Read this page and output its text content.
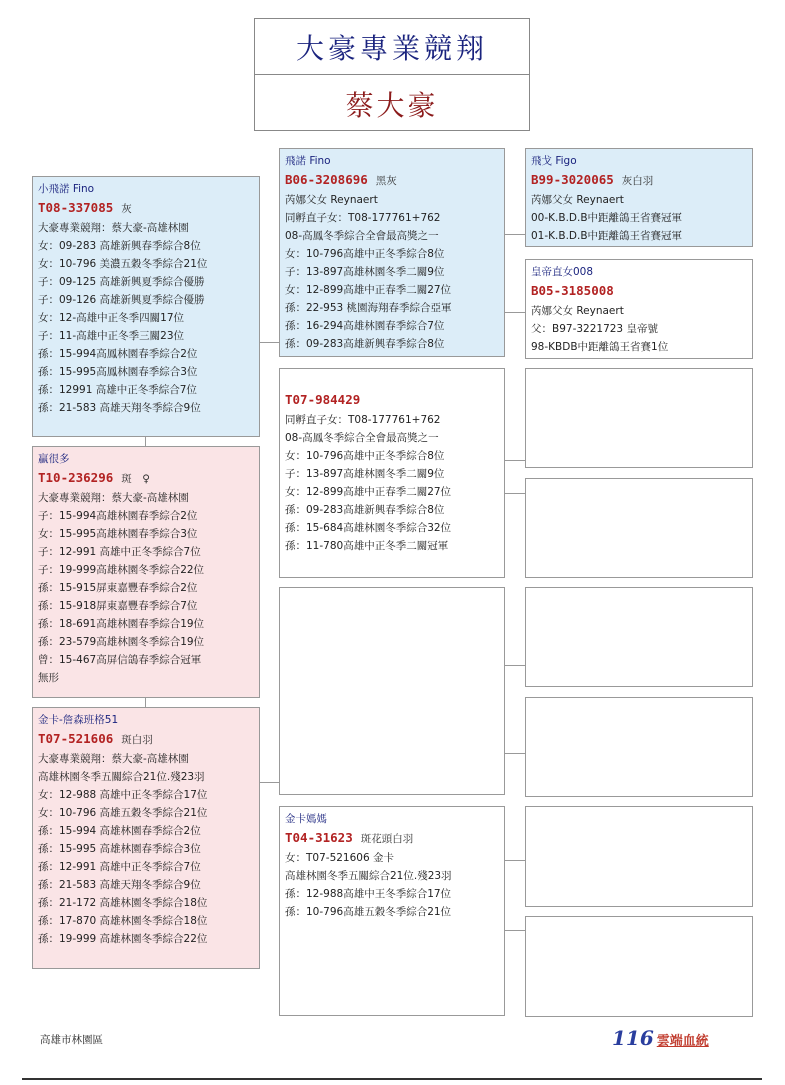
大豪專業競翔
蔡大豪
小飛諾 Fino
T08-337085 灰
大豪專業競翔：蔡大豪-高雄林園
女：09-283 高雄新興春季綜合8位
女：10-796 美濃五穀冬季綜合21位
子：09-125 高雄新興夏季綜合優勝
子：09-126 高雄新興夏季綜合優勝
女：12-高雄中正冬季四關17位
子：11-高雄中正冬季三關23位
孫：15-994高鳳林園春季綜合2位
孫：15-995高鳳林園春季綜合3位
孫：12991 高雄中正冬季綜合7位
孫：21-583 高雄天翔冬季綜合9位
贏很多
T10-236296 斑　♀
大豪專業競翔：蔡大豪-高雄林園
子：15-994高雄林園春季綜合2位
女：15-995高雄林園春季綜合3位
子：12-991 高雄中正冬季綜合7位
子：19-999高雄林園冬季綜合22位
孫：15-915屏東嘉豐春季綜合2位
孫：15-918屏東嘉豐春季綜合7位
孫：18-691高雄林園春季綜合19位
孫：23-579高雄林園冬季綜合19位
曾：15-467高屏信鴿春季綜合冠軍
無形
金卡-詹森班格51
T07-521606 斑白羽
大豪專業競翔：蔡大豪-高雄林園
高雄林園冬季五關綜合21位.殘23羽
女：12-988 高雄中正冬季綜合17位
女：10-796 高雄五穀冬季綜合21位
孫：15-994 高雄林園春季綜合2位
孫：15-995 高雄林園春季綜合3位
孫：12-991 高雄中正冬季綜合7位
孫：21-583 高雄天翔冬季綜合9位
孫：21-172 高雄林園冬季綜合18位
孫：17-870 高雄林園冬季綜合18位
孫：19-999 高雄林園冬季綜合22位
飛諾 Fino
B06-3208696 黑灰
芮娜父女 Reynaert
同孵直子女：T08-177761+762
08-高鳳冬季綜合全會最高獎之一
女：10-796高雄中正冬季綜合8位
子：13-897高雄林園冬季二關9位
女：12-899高雄中正春季二關27位
孫：22-953 桃園海翔春季綜合亞軍
孫：16-294高雄林園春季綜合7位
孫：09-283高雄新興春季綜合8位
T07-984429
同孵直子女：T08-177761+762
08-高鳳冬季綜合全會最高獎之一
女：10-796高雄中正冬季綜合8位
子：13-897高雄林園冬季二關9位
女：12-899高雄中正春季二關27位
孫：09-283高雄新興春季綜合8位
孫：15-684高雄林園冬季綜合32位
孫：11-780高雄中正冬季二關冠軍
金卡媽媽
T04-31623 斑花頭白羽
女：T07-521606 金卡
高雄林園冬季五關綜合21位.殘23羽
孫：12-988高雄中王冬季綜合17位
孫：10-796高雄五穀冬季綜合21位
飛戈 Figo
B99-3020065 灰白羽
芮娜父女 Reynaert
00-K.B.D.B中距離鴿王省賽冠軍
01-K.B.D.B中距離鴿王省賽冠軍
皇帝直女008
B05-3185008
芮娜父女 Reynaert
父：B97-3221723 皇帝號
98-KBDB中距離鴿王省賽1位
高雄市林園區	116 雲端血統
